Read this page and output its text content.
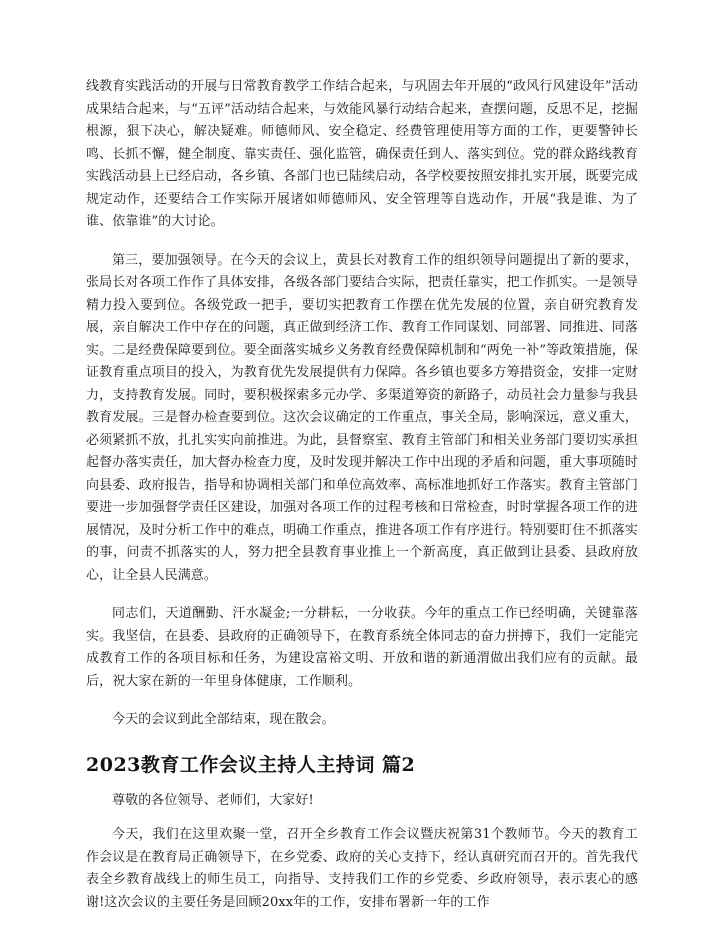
线教育实践活动的开展与日常教育教学工作结合起来，与巩固去年开展的“政风行风建设年”活动成果结合起来，与“五评”活动结合起来，与效能风暴行动结合起来，查摆问题，反思不足，挖掘根源，狠下决心，解决疑难。师德师风、安全稳定、经费管理使用等方面的工作，更要警钟长鸣、长抓不懈，健全制度、靠实责任、强化监管，确保责任到人、落实到位。党的群众路线教育实践活动县上已经启动，各乡镇、各部门也已陆续启动，各学校要按照安排扎实开展，既要完成规定动作，还要结合工作实际开展诸如师德师风、安全管理等自选动作，开展“我是谁、为了谁、依靠谁”的大讨论。

第三，要加强领导。在今天的会议上，黄县长对教育工作的组织领导问题提出了新的要求，张局长对各项工作作了具体安排，各级各部门要结合实际，把责任靠实，把工作抓实。一是领导精力投入要到位。各级党政一把手，要切实把教育工作摆在优先发展的位置，亲自研究教育发展，亲自解决工作中存在的问题，真正做到经济工作、教育工作同谋划、同部署、同推进、同落实。二是经费保障要到位。要全面落实城乡义务教育经费保障机制和“两免一补”等政策措施，保证教育重点项目的投入，为教育优先发展提供有力保障。各乡镇也要多方筹措资金，安排一定财力，支持教育发展。同时，要积极探索多元办学、多渠道筹资的新路子，动员社会力量参与我县教育发展。三是督办检查要到位。这次会议确定的工作重点，事关全局，影响深远，意义重大，必须紧抓不放，扎扎实实向前推进。为此，县督察室、教育主管部门和相关业务部门要切实承担起督办落实责任，加大督办检查力度，及时发现并解决工作中出现的矛盾和问题，重大事项随时向县委、政府报告，指导和协调相关部门和单位高效率、高标准地抓好工作落实。教育主管部门要进一步加强督学责任区建设，加强对各项工作的过程考核和日常检查，时时掌握各项工作的进展情况，及时分析工作中的难点，明确工作重点，推进各项工作有序进行。特别要盯住不抓落实的事，问责不抓落实的人，努力把全县教育事业推上一个新高度，真正做到让县委、县政府放心，让全县人民满意。

同志们，天道酬勤、汗水凝金;一分耕耘，一分收获。今年的重点工作已经明确，关键靠落实。我坚信，在县委、县政府的正确领导下，在教育系统全体同志的奋力拼搏下，我们一定能完成教育工作的各项目标和任务，为建设富裕文明、开放和谐的新通渭做出我们应有的贡献。最后，祝大家在新的一年里身体健康，工作顺利。

今天的会议到此全部结束，现在散会。

2023教育工作会议主持人主持词 篇2

尊敬的各位领导、老师们，大家好!

今天，我们在这里欢聚一堂，召开全乡教育工作会议暨庆祝第31个教师节。今天的教育工作会议是在教育局正确领导下，在乡党委、政府的关心支持下，经认真研究而召开的。首先我代表全乡教育战线上的师生员工，向指导、支持我们工作的乡党委、乡政府领导，表示衷心的感谢!这次会议的主要任务是回顾20xx年的工作，安排布署新一年的工作
